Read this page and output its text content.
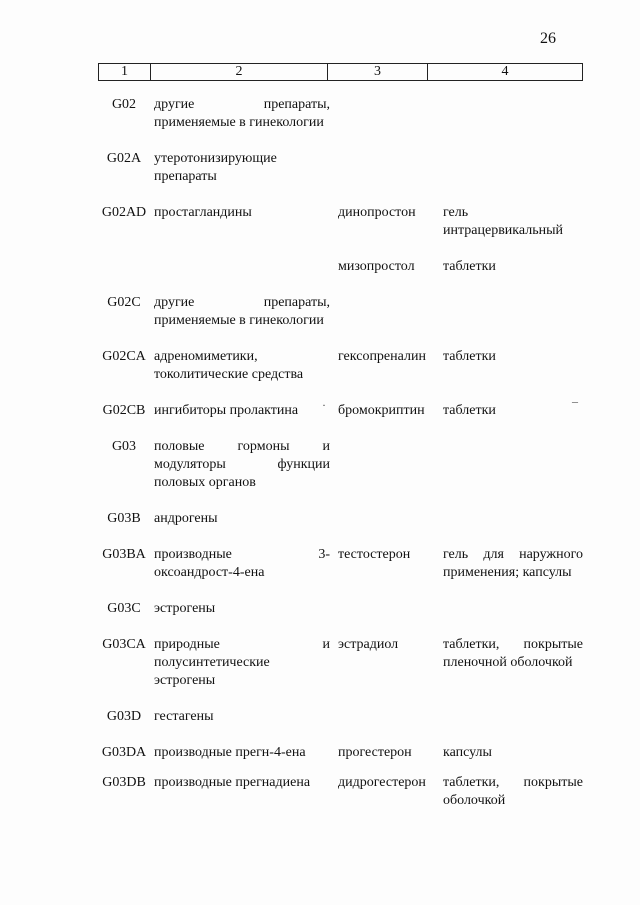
26
1	2	3	4
G02	другие препараты, применяемые в гинекологии		

G02A	утеротонизирующие препараты		

G02AD	простагландины	динопростон	гель интрацервикальный

		мизопростол	таблетки

G02C	другие препараты, применяемые в гинекологии		

G02CA	адреномиметики, токолитические средства	гексопреналин	таблетки

G02CB	ингибиторы пролактина	бромокриптин	таблетки

G03	половые гормоны и модуляторы функции половых органов		

G03B	андрогены		

G03BA	производные 3-оксоандрост-4-ена	тестостерон	гель для наружного применения; капсулы

G03C	эстрогены		

G03CA	природные и полусинтетические эстрогены	эстрадиол	таблетки, покрытые пленочной оболочкой

G03D	гестагены		

G03DA	производные прегн-4-ена	прогестерон	капсулы

G03DB	производные прегнадиена	дидрогестерон	таблетки, покрытые оболочкой
·	–
